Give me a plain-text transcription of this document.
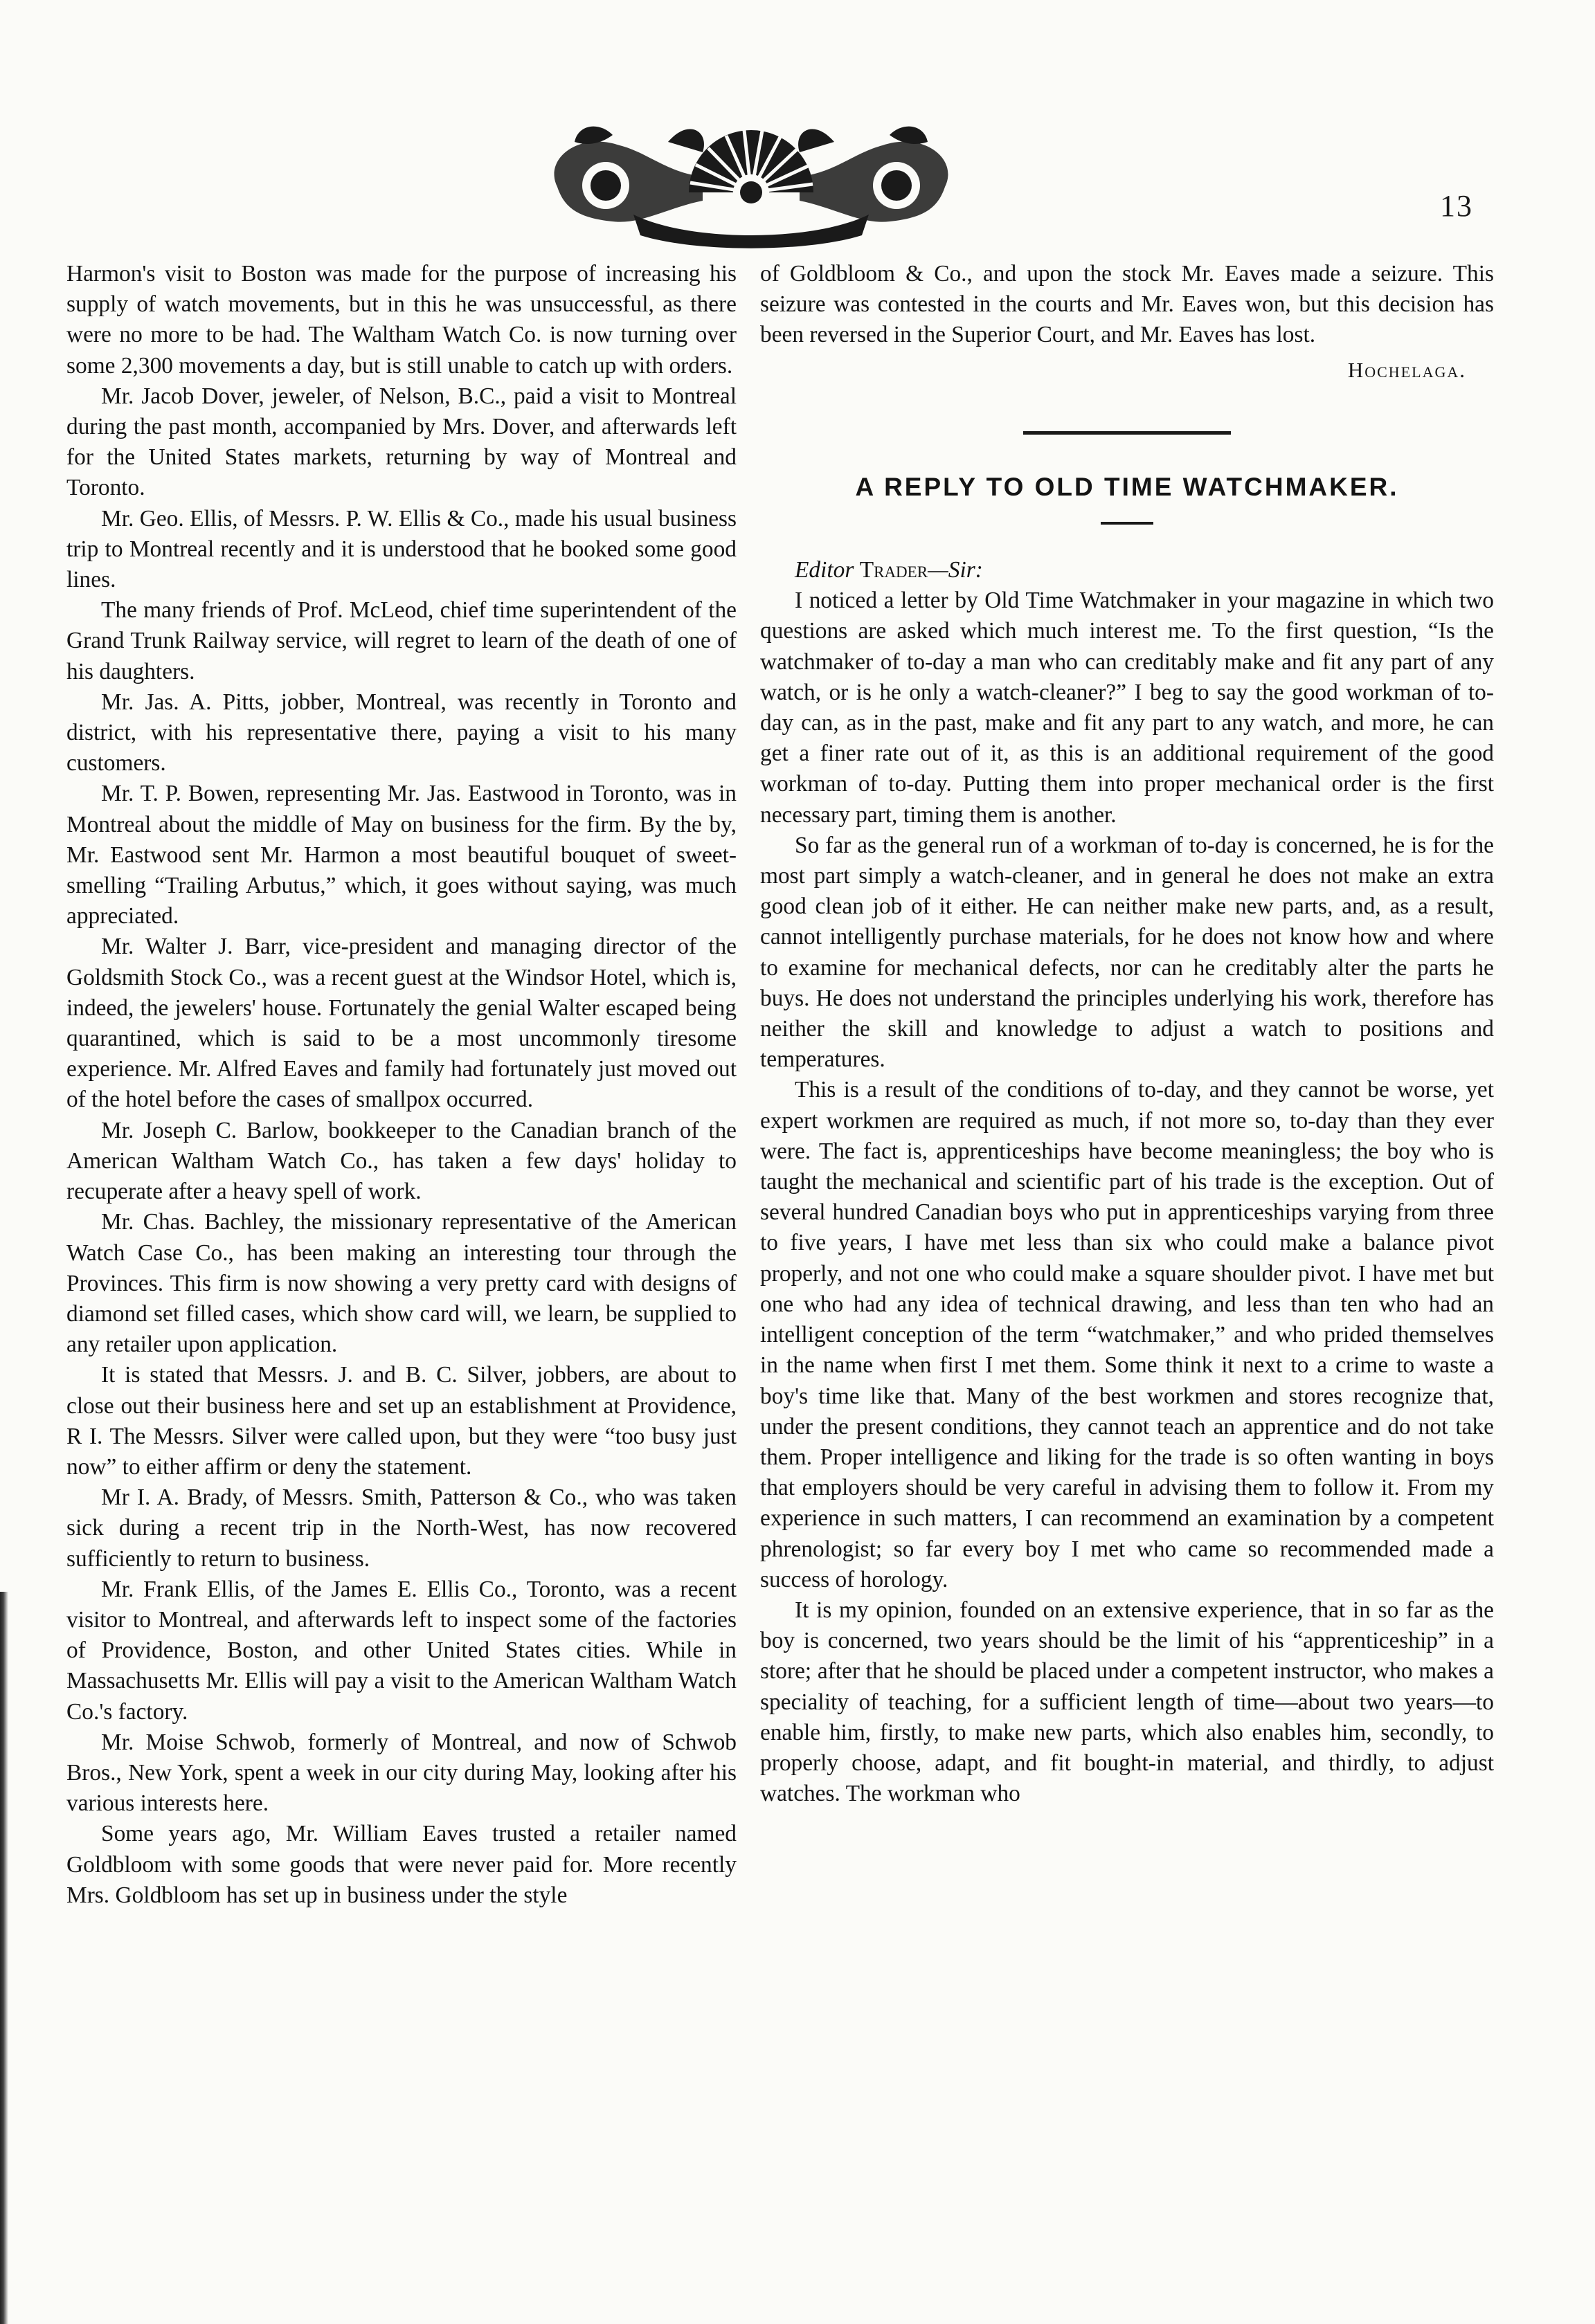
13

Harmon's visit to Boston was made for the purpose of increasing his supply of watch movements, but in this he was unsuccessful, as there were no more to be had. The Waltham Watch Co. is now turning over some 2,300 movements a day, but is still unable to catch up with orders.

Mr. Jacob Dover, jeweler, of Nelson, B.C., paid a visit to Montreal during the past month, accompanied by Mrs. Dover, and afterwards left for the United States markets, returning by way of Montreal and Toronto.

Mr. Geo. Ellis, of Messrs. P. W. Ellis & Co., made his usual business trip to Montreal recently and it is understood that he booked some good lines.

The many friends of Prof. McLeod, chief time superintendent of the Grand Trunk Railway service, will regret to learn of the death of one of his daughters.

Mr. Jas. A. Pitts, jobber, Montreal, was recently in Toronto and district, with his representative there, paying a visit to his many customers.

Mr. T. P. Bowen, representing Mr. Jas. Eastwood in Toronto, was in Montreal about the middle of May on business for the firm. By the by, Mr. Eastwood sent Mr. Harmon a most beautiful bouquet of sweet-smelling “Trailing Arbutus,” which, it goes without saying, was much appreciated.

Mr. Walter J. Barr, vice-president and managing director of the Goldsmith Stock Co., was a recent guest at the Windsor Hotel, which is, indeed, the jewelers' house. Fortunately the genial Walter escaped being quarantined, which is said to be a most uncommonly tiresome experience. Mr. Alfred Eaves and family had fortunately just moved out of the hotel before the cases of smallpox occurred.

Mr. Joseph C. Barlow, bookkeeper to the Canadian branch of the American Waltham Watch Co., has taken a few days' holiday to recuperate after a heavy spell of work.

Mr. Chas. Bachley, the missionary representative of the American Watch Case Co., has been making an interesting tour through the Provinces. This firm is now showing a very pretty card with designs of diamond set filled cases, which show card will, we learn, be supplied to any retailer upon application.

It is stated that Messrs. J. and B. C. Silver, jobbers, are about to close out their business here and set up an establishment at Providence, R I. The Messrs. Silver were called upon, but they were “too busy just now” to either affirm or deny the statement.

Mr I. A. Brady, of Messrs. Smith, Patterson & Co., who was taken sick during a recent trip in the North-West, has now recovered sufficiently to return to business.

Mr. Frank Ellis, of the James E. Ellis Co., Toronto, was a recent visitor to Montreal, and afterwards left to inspect some of the factories of Providence, Boston, and other United States cities. While in Massachusetts Mr. Ellis will pay a visit to the American Waltham Watch Co.'s factory.

Mr. Moise Schwob, formerly of Montreal, and now of Schwob Bros., New York, spent a week in our city during May, looking after his various interests here.

Some years ago, Mr. William Eaves trusted a retailer named Goldbloom with some goods that were never paid for. More recently Mrs. Goldbloom has set up in business under the style

of Goldbloom & Co., and upon the stock Mr. Eaves made a seizure. This seizure was contested in the courts and Mr. Eaves won, but this decision has been reversed in the Superior Court, and Mr. Eaves has lost.

Hochelaga.
A REPLY TO OLD TIME WATCHMAKER.

Editor Trader—Sir:

I noticed a letter by Old Time Watchmaker in your magazine in which two questions are asked which much interest me. To the first question, “Is the watchmaker of to-day a man who can creditably make and fit any part of any watch, or is he only a watch-cleaner?” I beg to say the good workman of to-day can, as in the past, make and fit any part to any watch, and more, he can get a finer rate out of it, as this is an additional requirement of the good workman of to-day. Putting them into proper mechanical order is the first necessary part, timing them is another.

So far as the general run of a workman of to-day is concerned, he is for the most part simply a watch-cleaner, and in general he does not make an extra good clean job of it either. He can neither make new parts, and, as a result, cannot intelligently purchase materials, for he does not know how and where to examine for mechanical defects, nor can he creditably alter the parts he buys. He does not understand the principles underlying his work, therefore has neither the skill and knowledge to adjust a watch to positions and temperatures.

This is a result of the conditions of to-day, and they cannot be worse, yet expert workmen are required as much, if not more so, to-day than they ever were. The fact is, apprenticeships have become meaningless; the boy who is taught the mechanical and scientific part of his trade is the exception. Out of several hundred Canadian boys who put in apprenticeships varying from three to five years, I have met less than six who could make a balance pivot properly, and not one who could make a square shoulder pivot. I have met but one who had any idea of technical drawing, and less than ten who had an intelligent conception of the term “watchmaker,” and who prided themselves in the name when first I met them. Some think it next to a crime to waste a boy's time like that. Many of the best workmen and stores recognize that, under the present conditions, they cannot teach an apprentice and do not take them. Proper intelligence and liking for the trade is so often wanting in boys that employers should be very careful in advising them to follow it. From my experience in such matters, I can recommend an examination by a competent phrenologist; so far every boy I met who came so recommended made a success of horology.

It is my opinion, founded on an extensive experience, that in so far as the boy is concerned, two years should be the limit of his “apprenticeship” in a store; after that he should be placed under a competent instructor, who makes a speciality of teaching, for a sufficient length of time—about two years—to enable him, firstly, to make new parts, which also enables him, secondly, to properly choose, adapt, and fit bought-in material, and thirdly, to adjust watches. The workman who
